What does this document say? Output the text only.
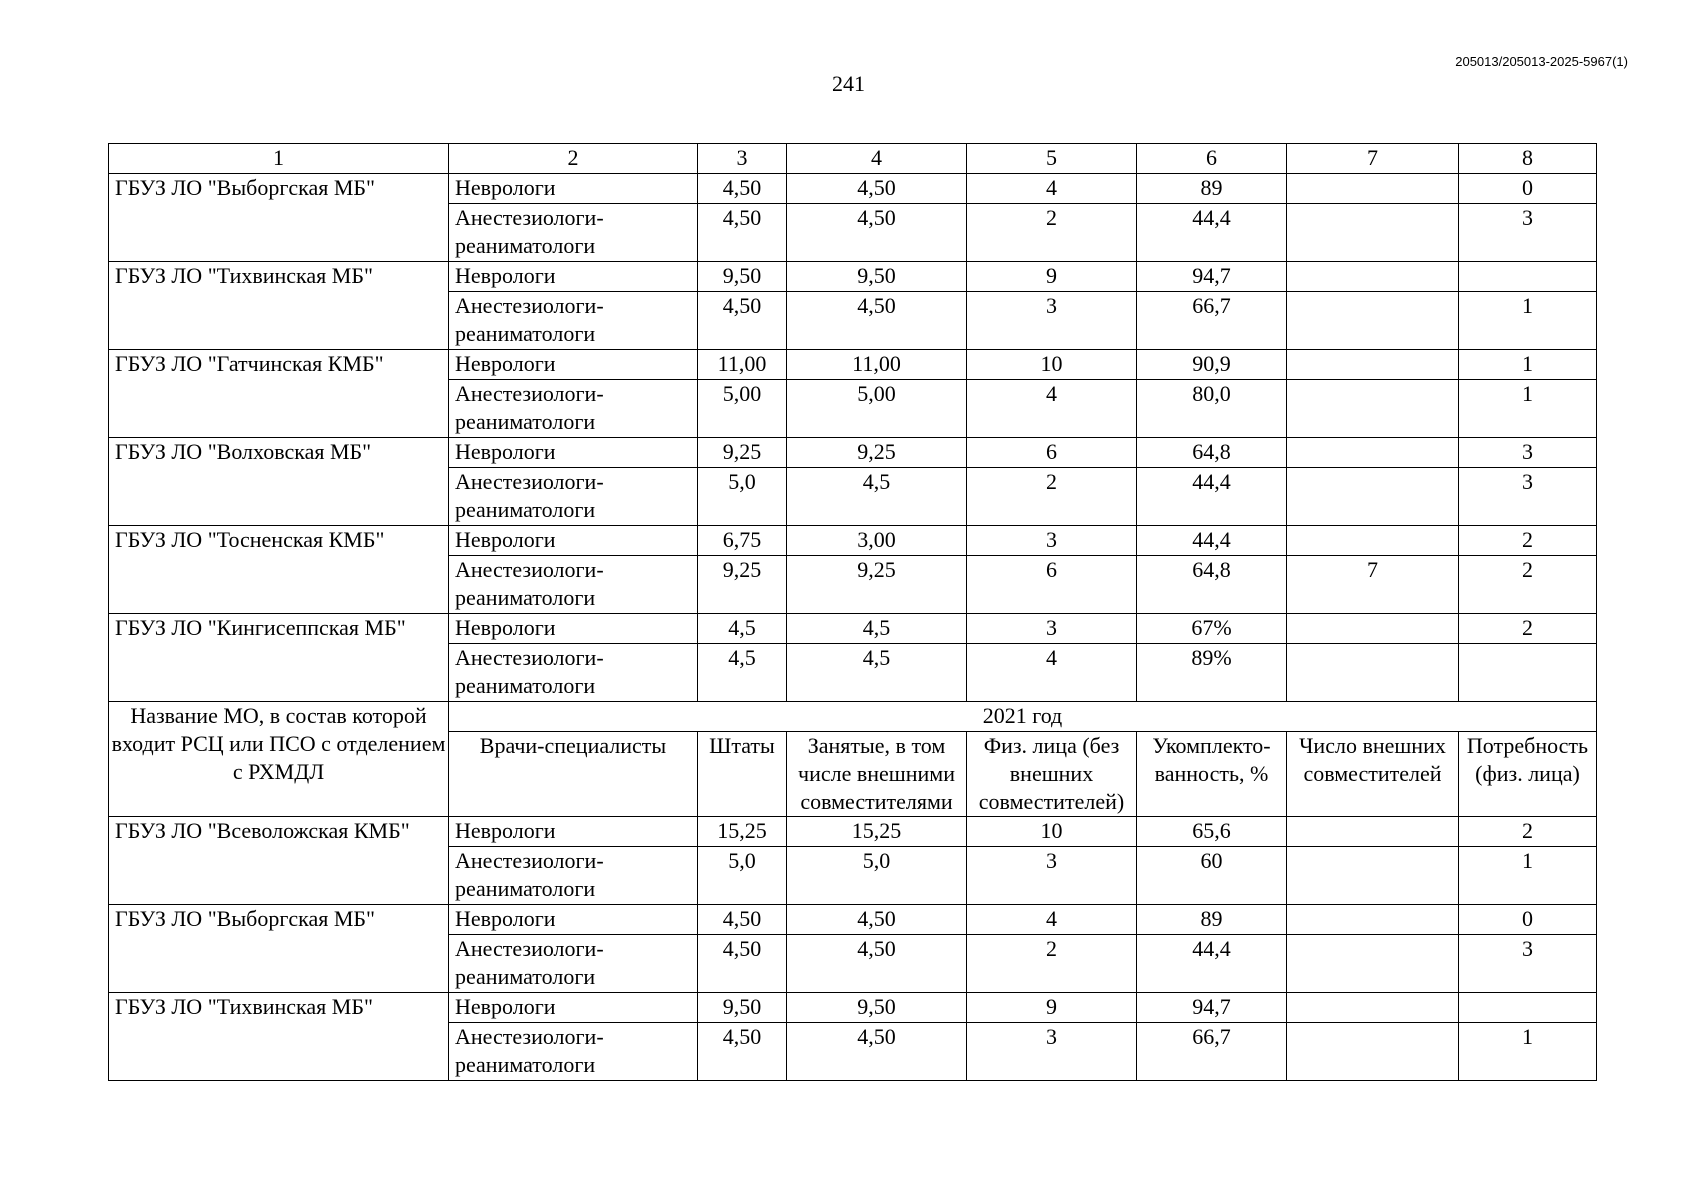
205013/205013-2025-5967(1)
241
1	2	3	4	5	6	7	8
ГБУЗ ЛО "Выборгская МБ"	Неврологи	4,50	4,50	4	89		0
	Анестезиологи-реаниматологи	4,50	4,50	2	44,4		3
ГБУЗ ЛО "Тихвинская МБ"	Неврологи	9,50	9,50	9	94,7		
	Анестезиологи-реаниматологи	4,50	4,50	3	66,7		1
ГБУЗ ЛО "Гатчинская КМБ"	Неврологи	11,00	11,00	10	90,9		1
	Анестезиологи-реаниматологи	5,00	5,00	4	80,0		1
ГБУЗ ЛО "Волховская МБ"	Неврологи	9,25	9,25	6	64,8		3
	Анестезиологи-реаниматологи	5,0	4,5	2	44,4		3
ГБУЗ ЛО "Тосненская КМБ"	Неврологи	6,75	3,00	3	44,4		2
	Анестезиологи-реаниматологи	9,25	9,25	6	64,8	7	2
ГБУЗ ЛО "Кингисеппская МБ"	Неврологи	4,5	4,5	3	67%		2
	Анестезиологи-реаниматологи	4,5	4,5	4	89%		
Название МО, в состав которой входит РСЦ или ПСО с отделением с РХМДЛ	2021 год						
	Врачи-специалисты	Штаты	Занятые, в том числе внешними совместителями	Физ. лица (без внешних совместителей)	Укомплекто-ванность, %	Число внешних совместителей	Потребность (физ. лица)
ГБУЗ ЛО "Всеволожская КМБ"	Неврологи	15,25	15,25	10	65,6		2
	Анестезиологи-реаниматологи	5,0	5,0	3	60		1
ГБУЗ ЛО "Выборгская МБ"	Неврологи	4,50	4,50	4	89		0
	Анестезиологи-реаниматологи	4,50	4,50	2	44,4		3
ГБУЗ ЛО "Тихвинская МБ"	Неврологи	9,50	9,50	9	94,7		
	Анестезиологи-реаниматологи	4,50	4,50	3	66,7		1
